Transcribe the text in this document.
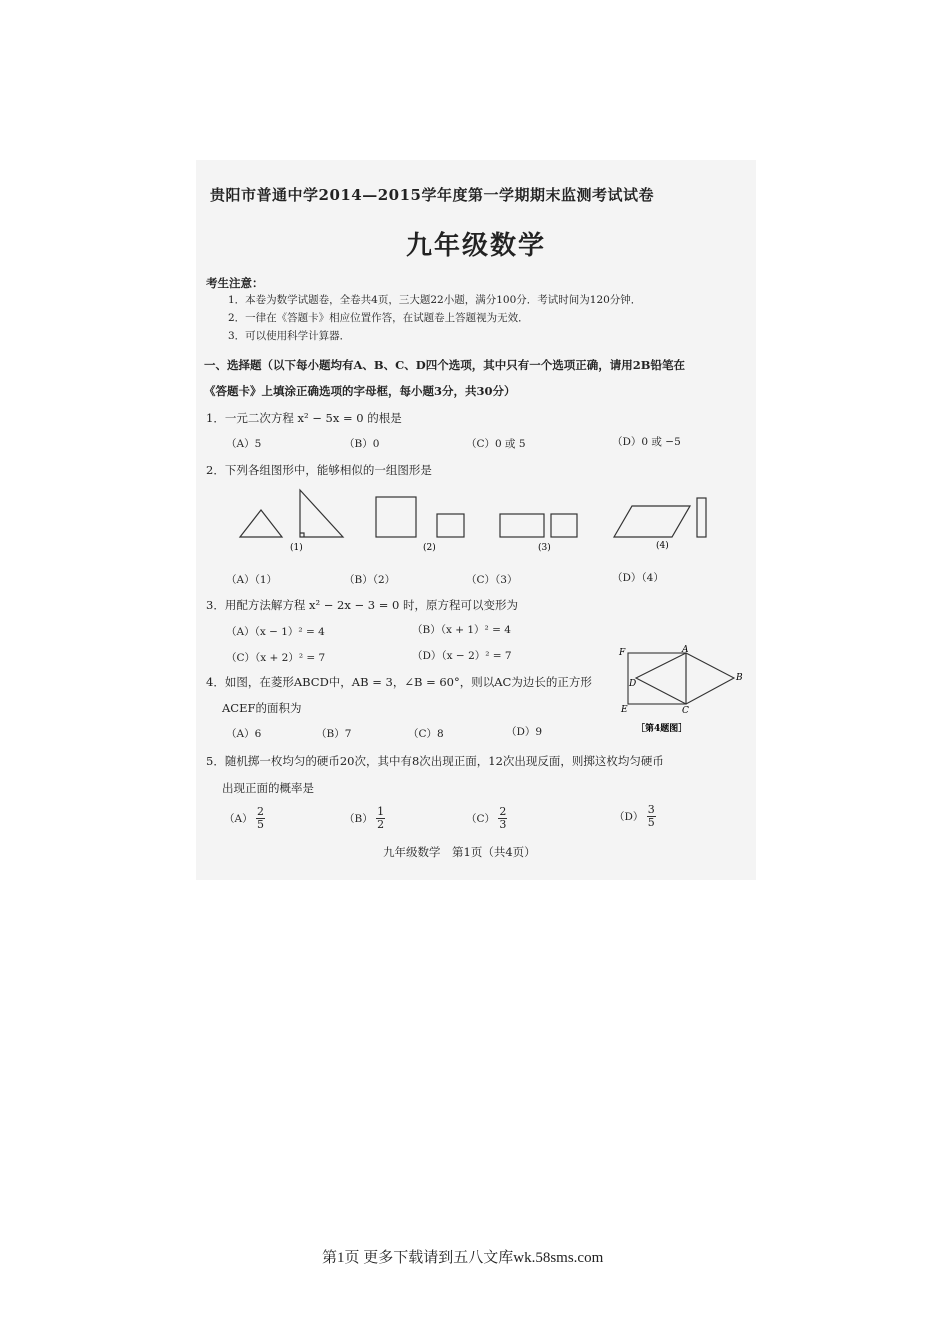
贵阳市普通中学2014—2015学年度第一学期期末监测考试试卷
九年级数学
考生注意：
1．本卷为数学试题卷，全卷共4页，三大题22小题，满分100分．考试时间为120分钟．
2．一律在《答题卡》相应位置作答，在试题卷上答题视为无效．
3．可以使用科学计算器．
一、选择题（以下每小题均有A、B、C、D四个选项，其中只有一个选项正确，请用2B铅笔在
《答题卡》上填涂正确选项的字母框，每小题3分，共30分）
1．一元二次方程 x² − 5x = 0 的根是
（A）5	（B）0	（C）0 或 5	（D）0 或 −5
2．下列各组图形中，能够相似的一组图形是
(1)	(2)	(3)	(4)
（A）（1）	（B）（2）	（C）（3）	（D）（4）
3．用配方法解方程 x² − 2x − 3 = 0 时，原方程可以变形为
（A）（x − 1）² = 4	（B）（x + 1）² = 4
（C）（x + 2）² = 7	（D）（x − 2）² = 7
4．如图，在菱形ABCD中，AB = 3，∠B = 60°，则以AC为边长的正方形
ACEF的面积为
（A）6	（B）7	（C）8	（D）9
F	A
D
B
E	C
［第4题图］
5．随机掷一枚均匀的硬币20次，其中有8次出现正面，12次出现反面，则掷这枚均匀硬币
出现正面的概率是
$(A) \frac{2}{5}$	$(B) \frac{1}{2}$	$(C) \frac{2}{3}$	$(D) \frac{3}{5}$
九年级数学　第1页（共4页）
第1页 更多下载请到五八文库wk.58sms.com
